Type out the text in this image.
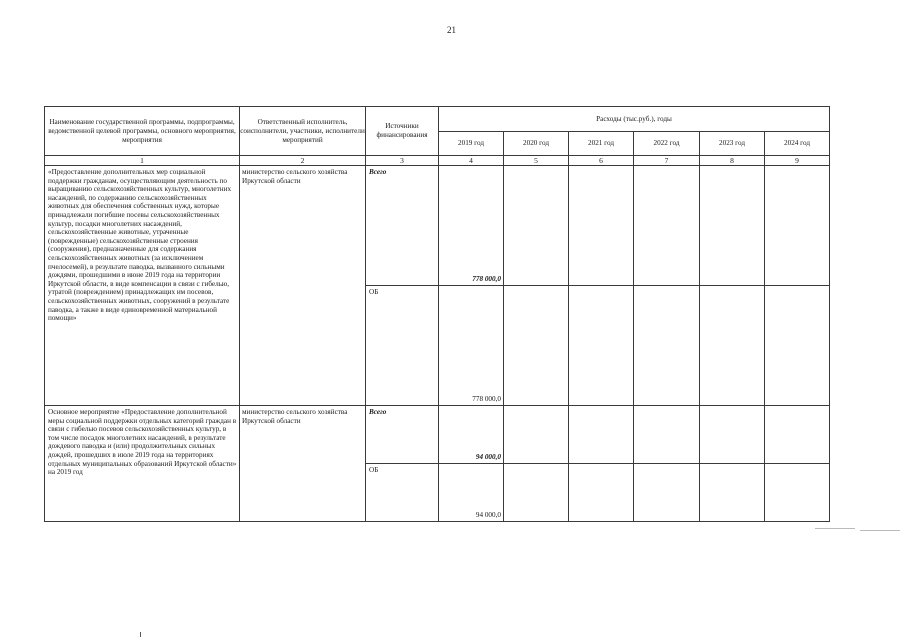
21
Наименование государственной программы, подпрограммы, ведомственной целевой программы, основного мероприятия, мероприятия	Ответственный исполнитель, соисполнители, участники, исполнители мероприятий	Источники финансирования	Расходы (тыс.руб.), годы					
			2019 год	2020 год	2021 год	2022 год	2023 год	2024 год
1	2	3	4	5	6	7	8	9
«Предоставление дополнительных мер социальной поддержки гражданам, осуществляющим деятельность по выращиванию сельскохозяйственных культур, многолетних насаждений, по содержанию сельскохозяйственных животных для обеспечения собственных нужд, которые принадлежали погибшие посевы сельскохозяйственных культур, посадки многолетних насаждений, сельскохозяйственные животные, утраченные (поврежденные) сельскохозяйственные строения (сооружения), предназначенные для содержания сельскохозяйственных животных (за исключением пчелосемей), в результате паводка, вызванного сильными дождями, прошедшими в июне 2019 года на территории Иркутской области, в виде компенсации в связи с гибелью, утратой (повреждением) принадлежащих им посевов, сельскохозяйственных животных, сооружений в результате паводка, а также в виде единовременной материальной помощи»	министерство сельского хозяйства Иркутской области	Всего	778 000,0					
		ОБ	778 000,0					
Основное мероприятие «Предоставление дополнительной меры социальной поддержки отдельных категорий граждан в связи с гибелью посевов сельскохозяйственных культур, в том числе посадок многолетних насаждений, в результате дождевого паводка и (или) продолжительных сильных дождей, прошедших в июле 2019 года на территориях отдельных муниципальных образований Иркутской области» на 2019 год	министерство сельского хозяйства Иркутской области	Всего	94 000,0					
		ОБ	94 000,0					
